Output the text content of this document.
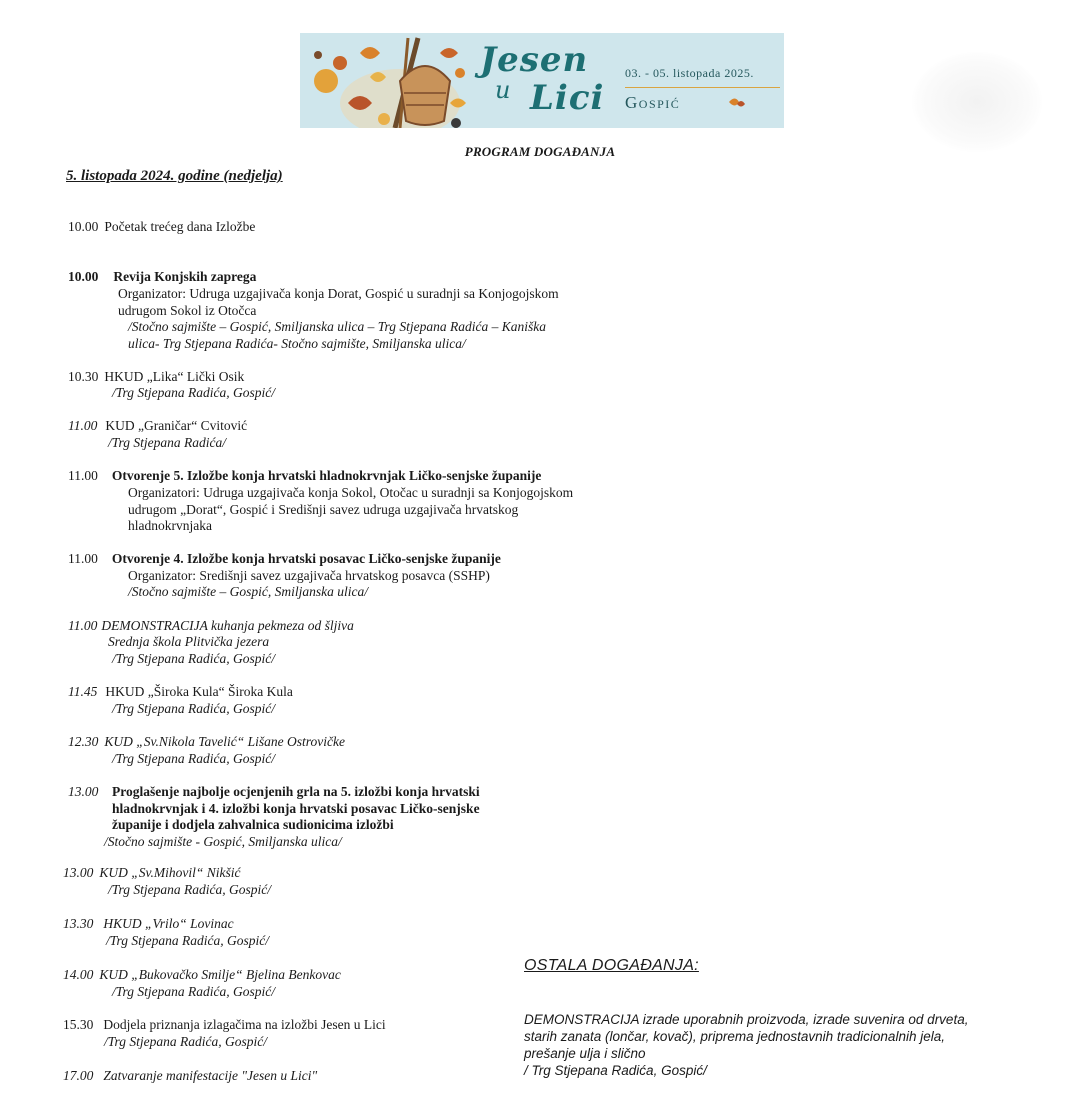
Jesen
u Lici
03. - 05. listopada 2025.
Gospić
PROGRAM DOGAĐANJA
5. listopada 2024. godine (nedjelja)
10.00 Početak trećeg dana Izložbe
10.00 Revija Konjskih zaprega
Organizator: Udruga uzgajivača konja Dorat, Gospić u suradnji sa Konjogojskom
udrugom Sokol iz Otočca
/Stočno sajmište – Gospić, Smiljanska ulica – Trg Stjepana Radića – Kaniška
ulica- Trg Stjepana Radića- Stočno sajmište, Smiljanska ulica/
10.30 HKUD „Lika“ Lički Osik
/Trg Stjepana Radića, Gospić/
11.00 KUD „Graničar“ Cvitović
/Trg Stjepana Radića/
11.00 Otvorenje 5. Izložbe konja hrvatski hladnokrvnjak Ličko-senjske županije
Organizatori: Udruga uzgajivača konja Sokol, Otočac u suradnji sa Konjogojskom
udrugom „Dorat“, Gospić i Središnji savez udruga uzgajivača hrvatskog
hladnokrvnjaka
11.00 Otvorenje 4. Izložbe konja hrvatski posavac Ličko-senjske županije
Organizator: Središnji savez uzgajivača hrvatskog posavca (SSHP)
/Stočno sajmište – Gospić, Smiljanska ulica/
11.00 DEMONSTRACIJA kuhanja pekmeza od šljiva
Srednja škola Plitvička jezera
/Trg Stjepana Radića, Gospić/
11.45 HKUD „Široka Kula“ Široka Kula
/Trg Stjepana Radića, Gospić/
12.30 KUD „Sv.Nikola Tavelić“ Lišane Ostrovičke
/Trg Stjepana Radića, Gospić/
13.00 Proglašenje najbolje ocjenjenih grla na 5. izložbi konja hrvatski
hladnokrvnjak i 4. izložbi konja hrvatski posavac Ličko-senjske
županije i dodjela zahvalnica sudionicima izložbi
/Stočno sajmište - Gospić, Smiljanska ulica/
13.00 KUD „Sv.Mihovil“ Nikšić
/Trg Stjepana Radića, Gospić/
13.30 HKUD „Vrilo“ Lovinac
/Trg Stjepana Radića, Gospić/
14.00 KUD „Bukovačko Smilje“ Bjelina Benkovac
/Trg Stjepana Radića, Gospić/
15.30 Dodjela priznanja izlagačima na izložbi Jesen u Lici
/Trg Stjepana Radića, Gospić/
17.00 Zatvaranje manifestacije "Jesen u Lici"
OSTALA DOGAĐANJA:
DEMONSTRACIJA izrade uporabnih proizvoda, izrade suvenira od drveta,
starih zanata (lončar, kovač), priprema jednostavnih tradicionalnih jela,
prešanje ulja i slično
/ Trg Stjepana Radića, Gospić/
